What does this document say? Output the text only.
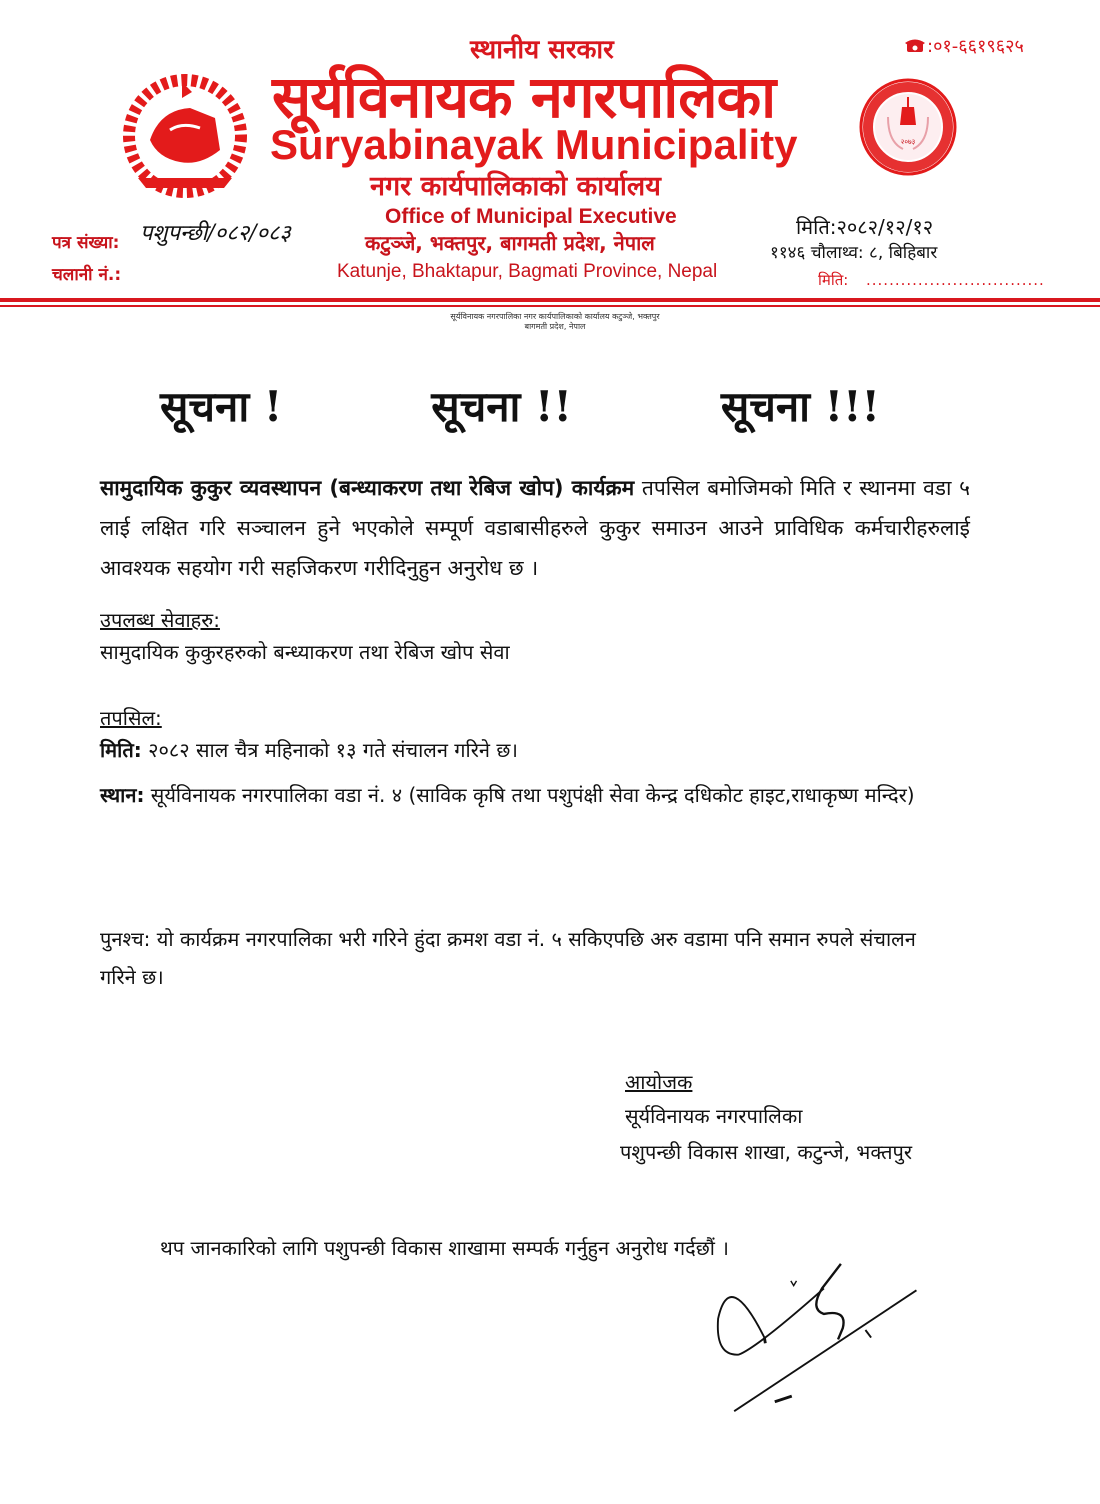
स्थानीय सरकार	:०१-६६१९६२५
सूर्यविनायक नगरपालिका
Suryabinayak Municipality	२०७३
नगर कार्यपालिकाको कार्यालय
Office of Municipal Executive
कटुञ्जे, भक्तपुर, बागमती प्रदेश, नेपाल
Katunje, Bhaktapur, Bagmati Province, Nepal
पत्र संख्या: पशुपन्छी/०८२/०८३
चलानी नं.:
मिति:२०८२/१२/१२
११४६ चौलाथ्व: ८, बिहिबार
मिति: ...............................
सूर्यविनायक नगरपालिका नगर कार्यपालिकाको कार्यालय कटुञ्जे, भक्तपुर बागमती प्रदेश, नेपाल
सूचना !	सूचना !!	सूचना !!!
सामुदायिक कुकुर व्यवस्थापन (बन्ध्याकरण तथा रेबिज खोप) कार्यक्रम तपसिल बमोजिमको मिति र स्थानमा वडा ५ लाई लक्षित गरि सञ्चालन हुने भएकोले सम्पूर्ण वडाबासीहरुले कुकुर समाउन आउने प्राविधिक कर्मचारीहरुलाई आवश्यक सहयोग गरी सहजिकरण गरीदिनुहुन अनुरोध छ ।
उपलब्ध सेवाहरु:
सामुदायिक कुकुरहरुको बन्ध्याकरण तथा रेबिज खोप सेवा
तपसिल:
मिति: २०८२ साल चैत्र महिनाको १३ गते संचालन गरिने छ।
स्थान: सूर्यविनायक नगरपालिका वडा नं. ४ (साविक कृषि तथा पशुपंक्षी सेवा केन्द्र दधिकोट हाइट,राधाकृष्ण मन्दिर)
पुनश्च: यो कार्यक्रम नगरपालिका भरी गरिने हुंदा क्रमश वडा नं. ५ सकिएपछि अरु वडामा पनि समान रुपले संचालन गरिने छ।
आयोजक
सूर्यविनायक नगरपालिका
पशुपन्छी विकास शाखा, कटुन्जे, भक्तपुर
थप जानकारिको लागि पशुपन्छी विकास शाखामा सम्पर्क गर्नुहुन अनुरोध गर्दछौं ।
